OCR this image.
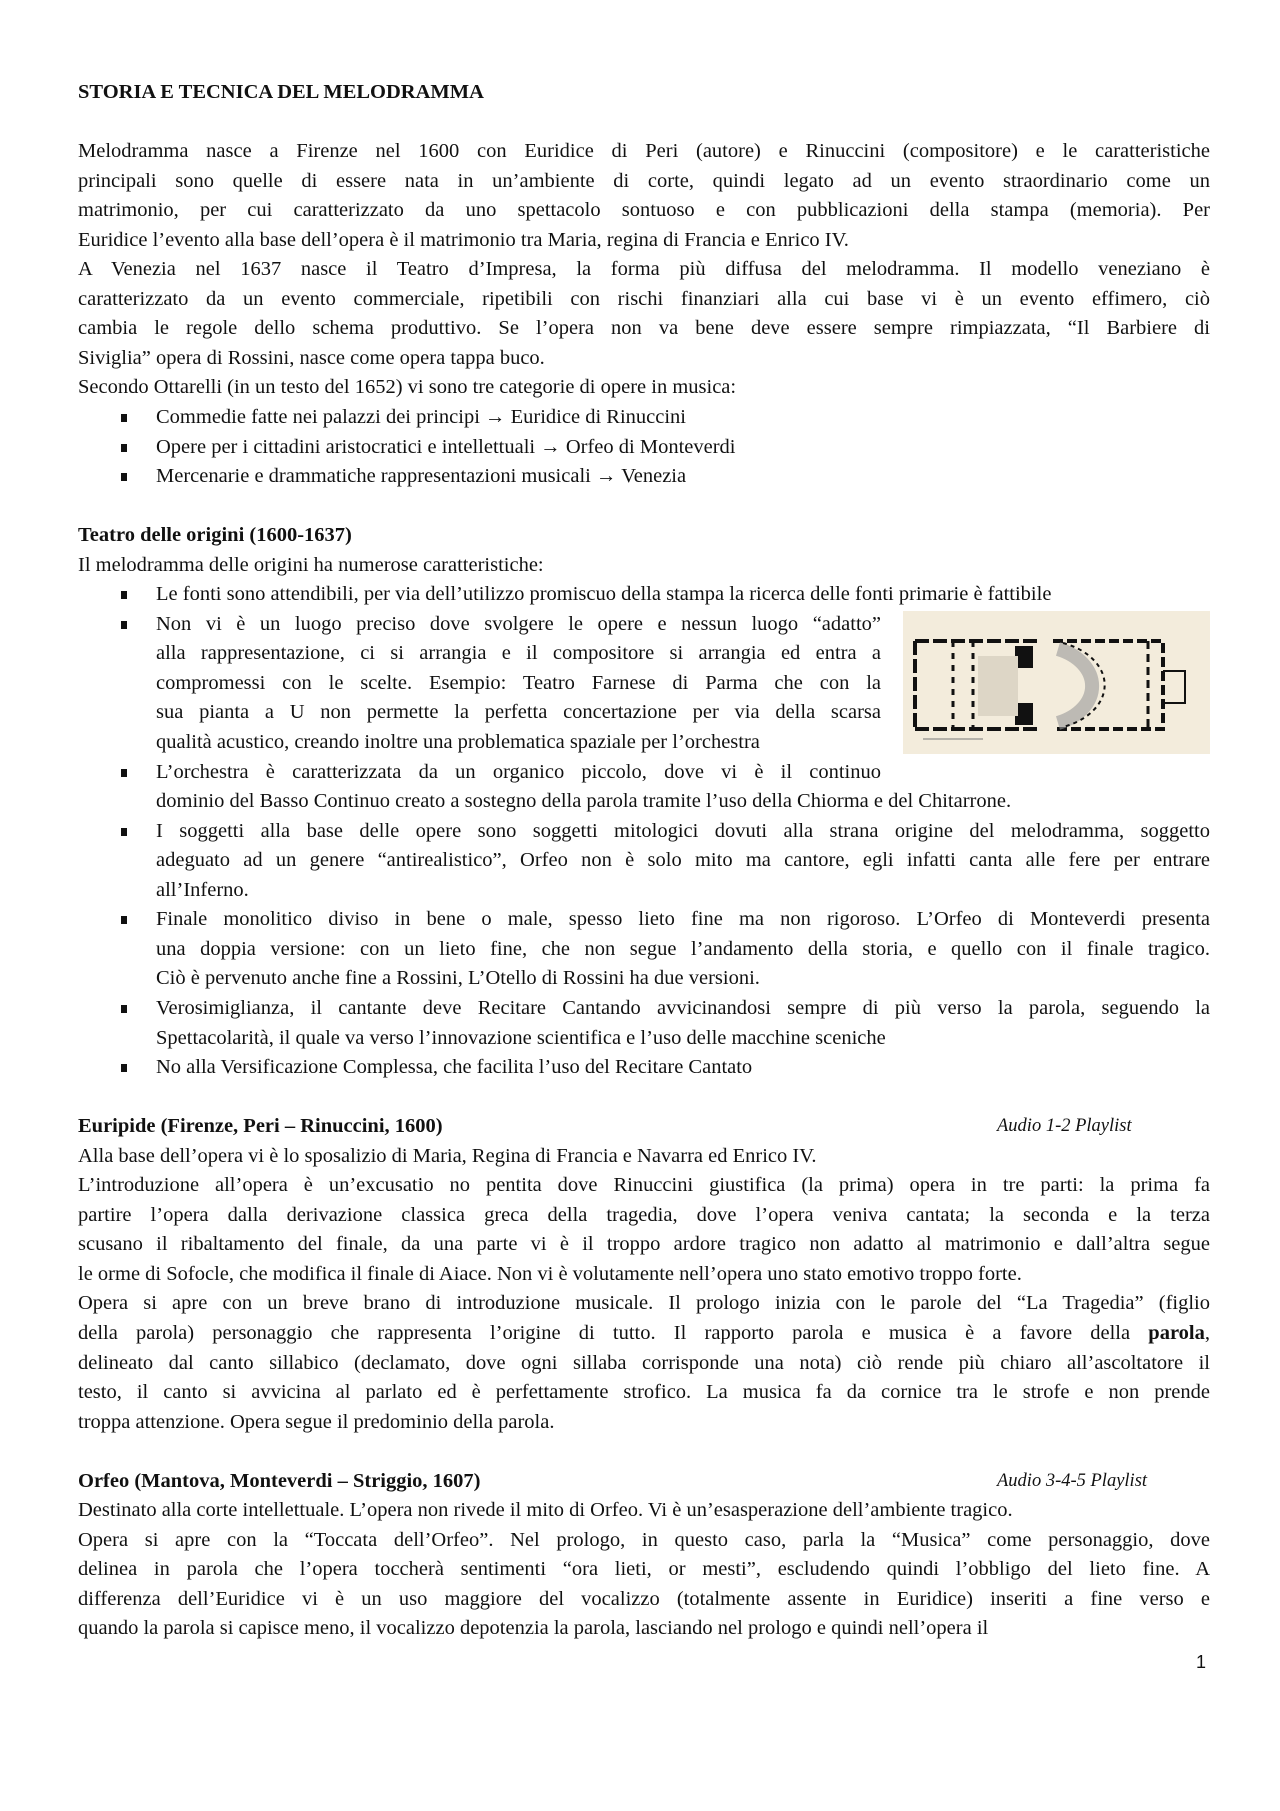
STORIA E TECNICA DEL MELODRAMMA
Melodramma nasce a Firenze nel 1600 con Euridice di Peri (autore) e Rinuccini (compositore) e le caratteristiche
principali sono quelle di essere nata in un’ambiente di corte, quindi legato ad un evento straordinario come un
matrimonio, per cui caratterizzato da uno spettacolo sontuoso e con pubblicazioni della stampa (memoria). Per
Euridice l’evento alla base dell’opera è il matrimonio tra Maria, regina di Francia e Enrico IV.
A Venezia nel 1637 nasce il Teatro d’Impresa, la forma più diffusa del melodramma. Il modello veneziano è
caratterizzato da un evento commerciale, ripetibili con rischi finanziari alla cui base vi è un evento effimero, ciò
cambia le regole dello schema produttivo. Se l’opera non va bene deve essere sempre rimpiazzata, “Il Barbiere di
Siviglia” opera di Rossini, nasce come opera tappa buco.
Secondo Ottarelli (in un testo del 1652) vi sono tre categorie di opere in musica:
Commedie fatte nei palazzi dei principi → Euridice di Rinuccini
Opere per i cittadini aristocratici e intellettuali → Orfeo di Monteverdi
Mercenarie e drammatiche rappresentazioni musicali → Venezia
Teatro delle origini (1600-1637)
Il melodramma delle origini ha numerose caratteristiche:
Le fonti sono attendibili, per via dell’utilizzo promiscuo della stampa la ricerca delle fonti primarie è fattibile
Non vi è un luogo preciso dove svolgere le opere e nessun luogo “adatto”
alla rappresentazione, ci si arrangia e il compositore si arrangia ed entra a
compromessi con le scelte. Esempio: Teatro Farnese di Parma che con la
sua pianta a U non permette la perfetta concertazione per via della scarsa
qualità acustico, creando inoltre una problematica spaziale per l’orchestra
L’orchestra è caratterizzata da un organico piccolo, dove vi è il continuo
dominio del Basso Continuo creato a sostegno della parola tramite l’uso della Chiorma e del Chitarrone.
I soggetti alla base delle opere sono soggetti mitologici dovuti alla strana origine del melodramma, soggetto
adeguato ad un genere “antirealistico”, Orfeo non è solo mito ma cantore, egli infatti canta alle fere per entrare
all’Inferno.
Finale monolitico diviso in bene o male, spesso lieto fine ma non rigoroso. L’Orfeo di Monteverdi presenta
una doppia versione: con un lieto fine, che non segue l’andamento della storia, e quello con il finale tragico.
Ciò è pervenuto anche fine a Rossini, L’Otello di Rossini ha due versioni.
Verosimiglianza, il cantante deve Recitare Cantando avvicinandosi sempre di più verso la parola, seguendo la
Spettacolarità, il quale va verso l’innovazione scientifica e l’uso delle macchine sceniche
No alla Versificazione Complessa, che facilita l’uso del Recitare Cantato
Euripide (Firenze, Peri – Rinuccini, 1600)	Audio 1-2 Playlist
Alla base dell’opera vi è lo sposalizio di Maria, Regina di Francia e Navarra ed Enrico IV.
L’introduzione all’opera è un’excusatio no pentita dove Rinuccini giustifica (la prima) opera in tre parti: la prima fa
partire l’opera dalla derivazione classica greca della tragedia, dove l’opera veniva cantata; la seconda e la terza
scusano il ribaltamento del finale, da una parte vi è il troppo ardore tragico non adatto al matrimonio e dall’altra segue
le orme di Sofocle, che modifica il finale di Aiace. Non vi è volutamente nell’opera uno stato emotivo troppo forte.
Opera si apre con un breve brano di introduzione musicale. Il prologo inizia con le parole del “La Tragedia” (figlio
della parola) personaggio che rappresenta l’origine di tutto. Il rapporto parola e musica è a favore della parola,
delineato dal canto sillabico (declamato, dove ogni sillaba corrisponde una nota) ciò rende più chiaro all’ascoltatore il
testo, il canto si avvicina al parlato ed è perfettamente strofico. La musica fa da cornice tra le strofe e non prende
troppa attenzione. Opera segue il predominio della parola.
Orfeo (Mantova, Monteverdi – Striggio, 1607)	Audio 3-4-5 Playlist
Destinato alla corte intellettuale. L’opera non rivede il mito di Orfeo. Vi è un’esasperazione dell’ambiente tragico.
Opera si apre con la “Toccata dell’Orfeo”. Nel prologo, in questo caso, parla la “Musica” come personaggio, dove
delinea in parola che l’opera toccherà sentimenti “ora lieti, or mesti”, escludendo quindi l’obbligo del lieto fine. A
differenza dell’Euridice vi è un uso maggiore del vocalizzo (totalmente assente in Euridice) inseriti a fine verso e
quando la parola si capisce meno, il vocalizzo depotenzia la parola, lasciando nel prologo e quindi nell’opera il
1
